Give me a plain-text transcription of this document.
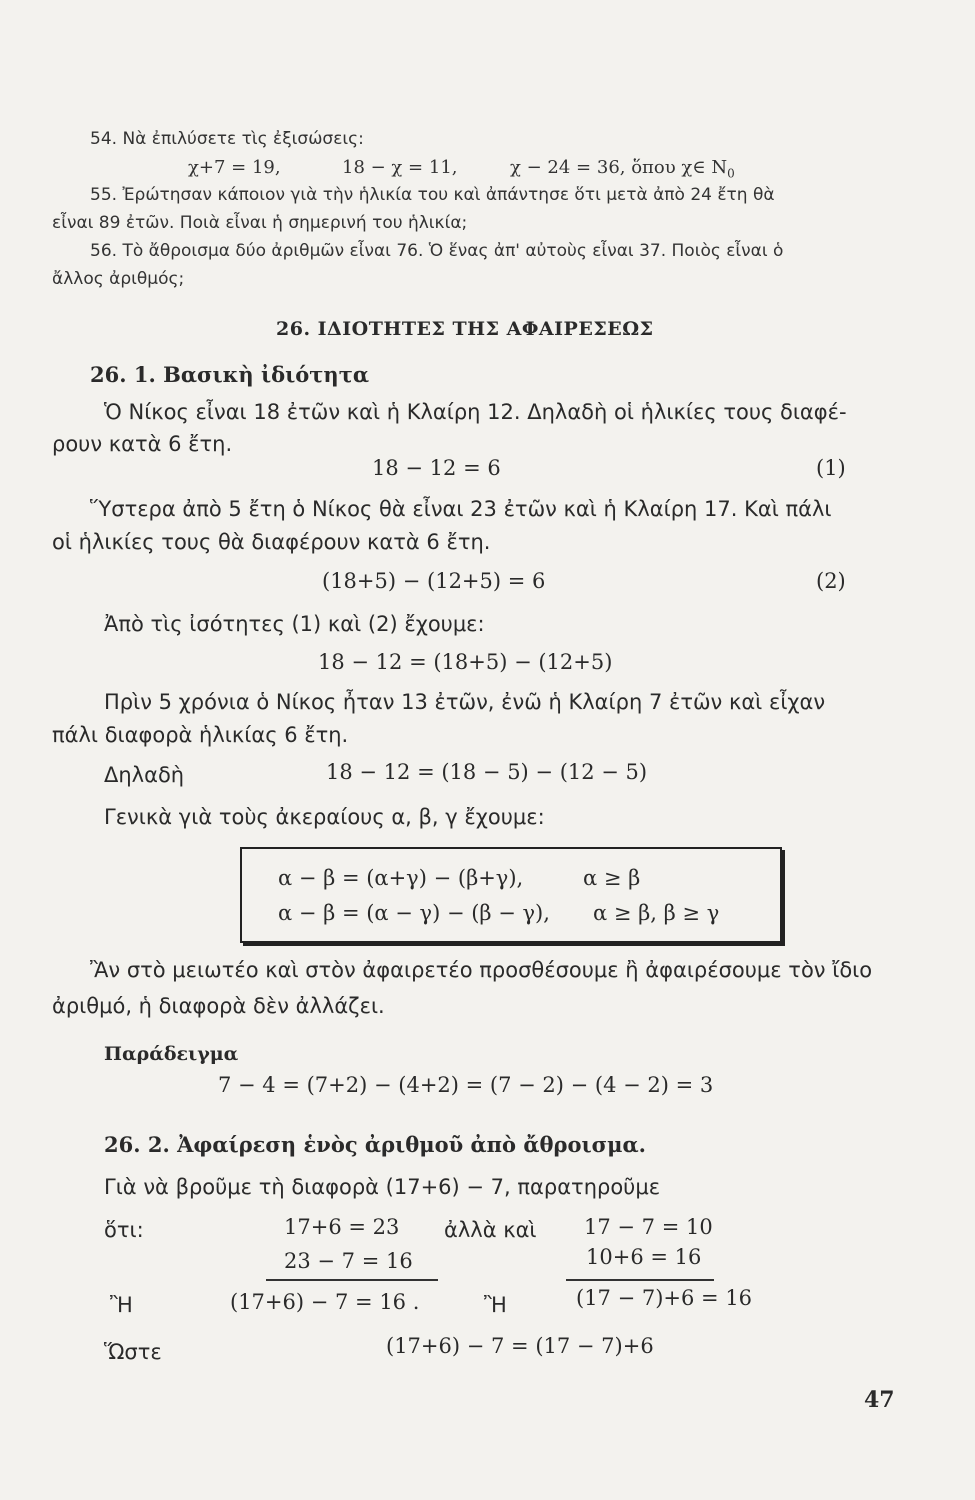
54. Νὰ ἐπιλύσετε τὶς ἐξισώσεις:
χ+7 = 19,	18 − χ = 11,	χ − 24 = 36, ὅπου χ∈ $N_0$
55. Ἐρώτησαν κάποιον γιὰ τὴν ἡλικία του καὶ ἀπάντησε ὅτι μετὰ ἀπὸ 24 ἔτη θὰ
εἶναι 89 ἐτῶν. Ποιὰ εἶναι ἡ σημερινή του ἡλικία;
56. Τὸ ἄθροισμα δύο ἀριθμῶν εἶναι 76. Ὁ ἕνας ἀπ' αὐτοὺς εἶναι 37. Ποιὸς εἶναι ὁ
ἄλλος ἀριθμός;
26. ΙΔΙΟΤΗΤΕΣ ΤΗΣ ΑΦΑΙΡΕΣΕΩΣ
26. 1. Βασικὴ ἰδιότητα
Ὁ Νίκος εἶναι 18 ἐτῶν καὶ ἡ Κλαίρη 12. Δηλαδὴ οἱ ἡλικίες τους διαφέ-
ρουν κατὰ 6 ἔτη.
18 − 12 = 6	(1)
Ὕστερα ἀπὸ 5 ἔτη ὁ Νίκος θὰ εἶναι 23 ἐτῶν καὶ ἡ Κλαίρη 17. Καὶ πάλι
οἱ ἡλικίες τους θὰ διαφέρουν κατὰ 6 ἔτη.
(18+5) − (12+5) = 6	(2)
Ἀπὸ τὶς ἰσότητες (1) καὶ (2) ἔχουμε:
18 − 12 = (18+5) − (12+5)
Πρὶν 5 χρόνια ὁ Νίκος ἦταν 13 ἐτῶν, ἐνῶ ἡ Κλαίρη 7 ἐτῶν καὶ εἶχαν
πάλι διαφορὰ ἡλικίας 6 ἔτη.
Δηλαδὴ	18 − 12 = (18 − 5) − (12 − 5)
Γενικὰ γιὰ τοὺς ἀκεραίους α, β, γ ἔχουμε:
α − β = (α+γ) − (β+γ),	α ≥ β
α − β = (α − γ) − (β − γ), α ≥ β, β ≥ γ
Ἂν στὸ μειωτέο καὶ στὸν ἀφαιρετέο προσθέσουμε ἢ ἀφαιρέσουμε τὸν ἴδιο
ἀριθμό, ἡ διαφορὰ δὲν ἀλλάζει.
Παράδειγμα
7 − 4 = (7+2) − (4+2) = (7 − 2) − (4 − 2) = 3
26. 2. Ἀφαίρεση ἑνὸς ἀριθμοῦ ἀπὸ ἄθροισμα.
Γιὰ νὰ βροῦμε τὴ διαφορὰ (17+6) − 7, παρατηροῦμε
ὅτι:	17+6 = 23 ἀλλὰ καὶ 17 − 7 = 10
23 − 7 = 16	10+6 = 16
Ἢ	(17+6) − 7 = 16 .	Ἢ	(17 − 7)+6 = 16
Ὥστε	(17+6) − 7 = (17 − 7)+6
47
